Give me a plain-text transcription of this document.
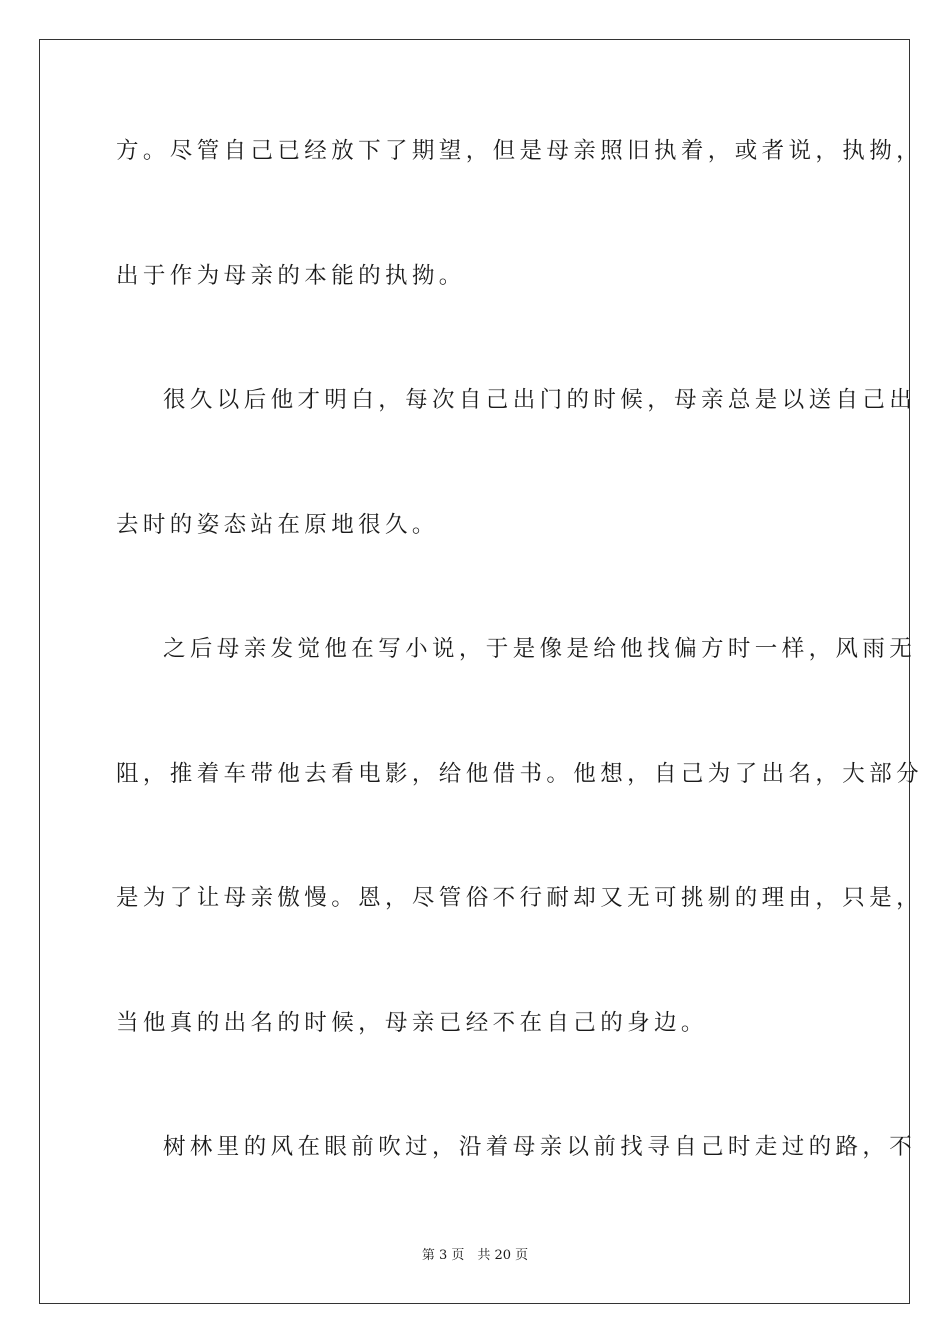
方。尽管自己已经放下了期望，但是母亲照旧执着，或者说，执拗，
出于作为母亲的本能的执拗。
很久以后他才明白，每次自己出门的时候，母亲总是以送自己出
去时的姿态站在原地很久。
之后母亲发觉他在写小说，于是像是给他找偏方时一样，风雨无
阻，推着车带他去看电影，给他借书。他想，自己为了出名，大部分
是为了让母亲傲慢。恩，尽管俗不行耐却又无可挑剔的理由，只是，
当他真的出名的时候，母亲已经不在自己的身边。
树林里的风在眼前吹过，沿着母亲以前找寻自己时走过的路，不
第 3 页　共 20 页
